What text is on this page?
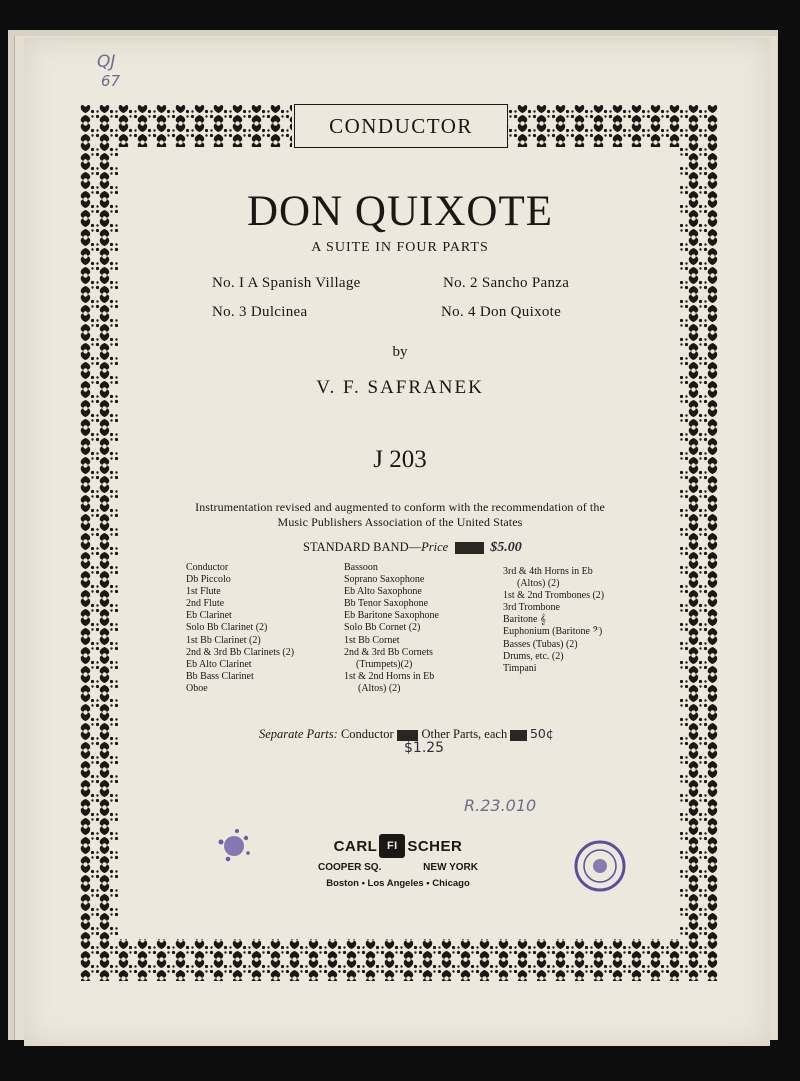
QJ
67
R.23.010
CONDUCTOR
DON QUIXOTE
A SUITE IN FOUR PARTS
No. I A Spanish Village	No. 2 Sancho Panza
No. 3 Dulcinea	No. 4 Don Quixote
by
V. F. SAFRANEK
J 203
Instrumentation revised and augmented to conform with the recommendation of the
Music Publishers Association of the United States
STANDARD BAND—Price $3.00 $5.00
Conductor
Db Piccolo
1st Flute
2nd Flute
Eb Clarinet
Solo Bb Clarinet (2)
1st Bb Clarinet (2)
2nd & 3rd Bb Clarinets (2)
Eb Alto Clarinet
Bb Bass Clarinet
Oboe
Bassoon
Soprano Saxophone
Eb Alto Saxophone
Bb Tenor Saxophone
Eb Baritone Saxophone
Solo Bb Cornet (2)
1st Bb Cornet
2nd & 3rd Bb Cornets
(Trumpets)(2)
1st & 2nd Horns in Eb
(Altos) (2)
3rd & 4th Horns in Eb
(Altos) (2)
1st & 2nd Trombones (2)
3rd Trombone
Baritone 𝄞
Euphonium (Baritone 𝄢)
Basses (Tubas) (2)
Drums, etc. (2)
Timpani
Separate Parts: Conductor $.50 Other Parts, each .35 50¢
$1.25
CARL FI SCHER
COOPER SQ.	NEW YORK
Boston • Los Angeles • Chicago
